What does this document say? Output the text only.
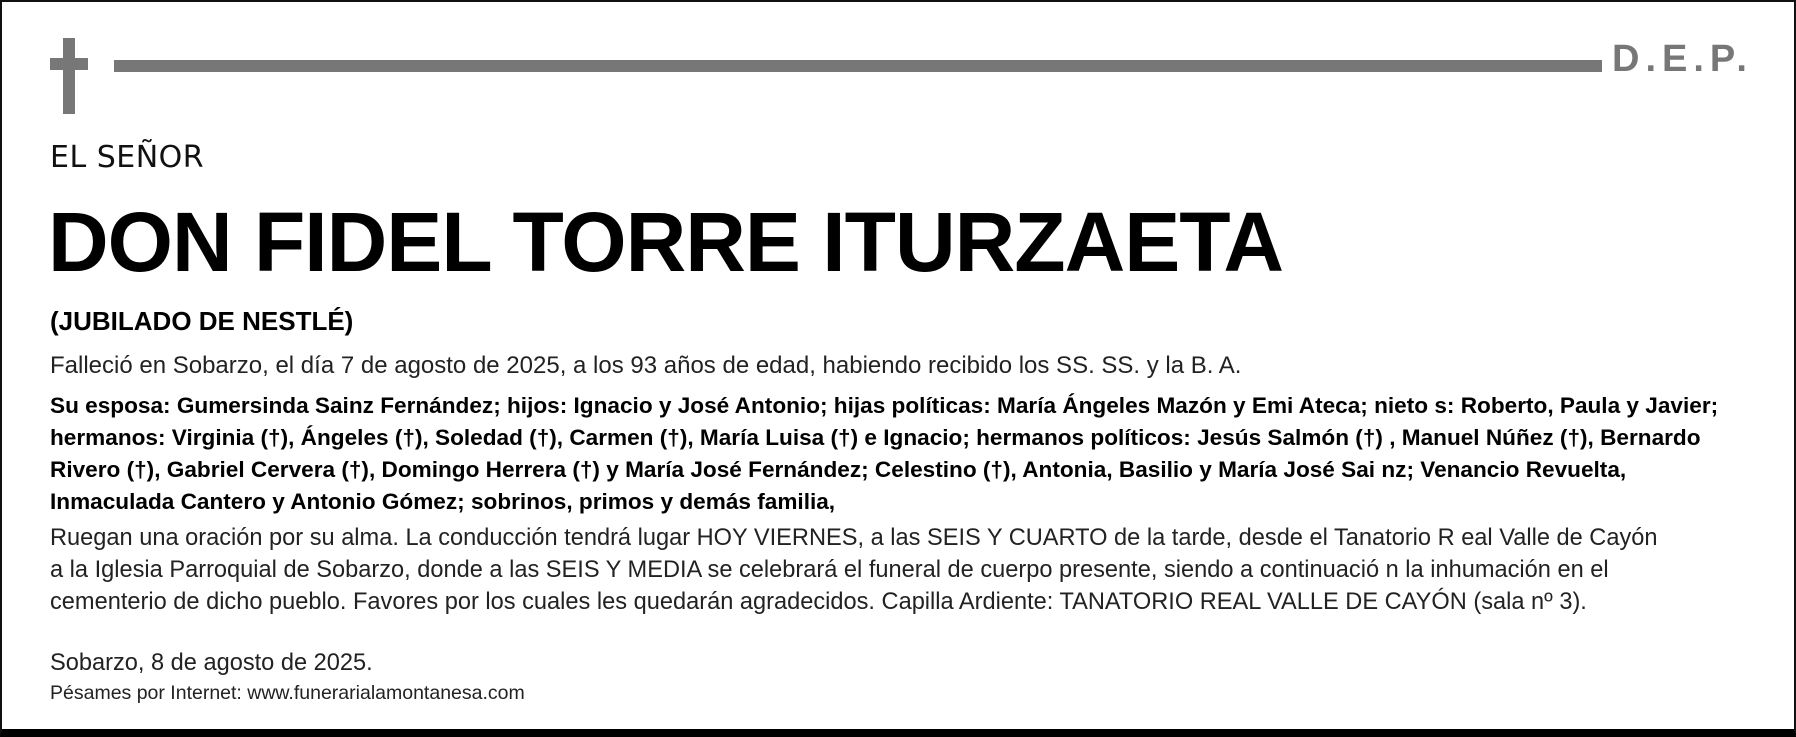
D.E.P.
EL SEÑOR
DON FIDEL TORRE ITURZAETA
(JUBILADO DE NESTLÉ)
Falleció en Sobarzo, el día 7 de agosto de 2025, a los 93 años de edad, habiendo recibido los SS. SS. y la B. A.
Su esposa: Gumersinda Sainz Fernández; hijos: Ignacio y José Antonio; hijas políticas: María Ángeles Mazón y Emi Ateca; nieto s: Roberto, Paula y Javier;
hermanos: Virginia (†), Ángeles (†), Soledad (†), Carmen (†), María Luisa (†) e Ignacio; hermanos políticos: Jesús Salmón (†) , Manuel Núñez (†), Bernardo
Rivero (†), Gabriel Cervera (†), Domingo Herrera (†) y María José Fernández; Celestino (†), Antonia, Basilio y María José Sai nz; Venancio Revuelta,
Inmaculada Cantero y Antonio Gómez; sobrinos, primos y demás familia,
Ruegan una oración por su alma. La conducción tendrá lugar HOY VIERNES, a las SEIS Y CUARTO de la tarde, desde el Tanatorio R eal Valle de Cayón
a la Iglesia Parroquial de Sobarzo, donde a las SEIS Y MEDIA se celebrará el funeral de cuerpo presente, siendo a continuació n la inhumación en el
cementerio de dicho pueblo. Favores por los cuales les quedarán agradecidos. Capilla Ardiente: TANATORIO REAL VALLE DE CAYÓN (sala nº 3).
Sobarzo, 8 de agosto de 2025.
Pésames por Internet: www.funerarialamontanesa.com
